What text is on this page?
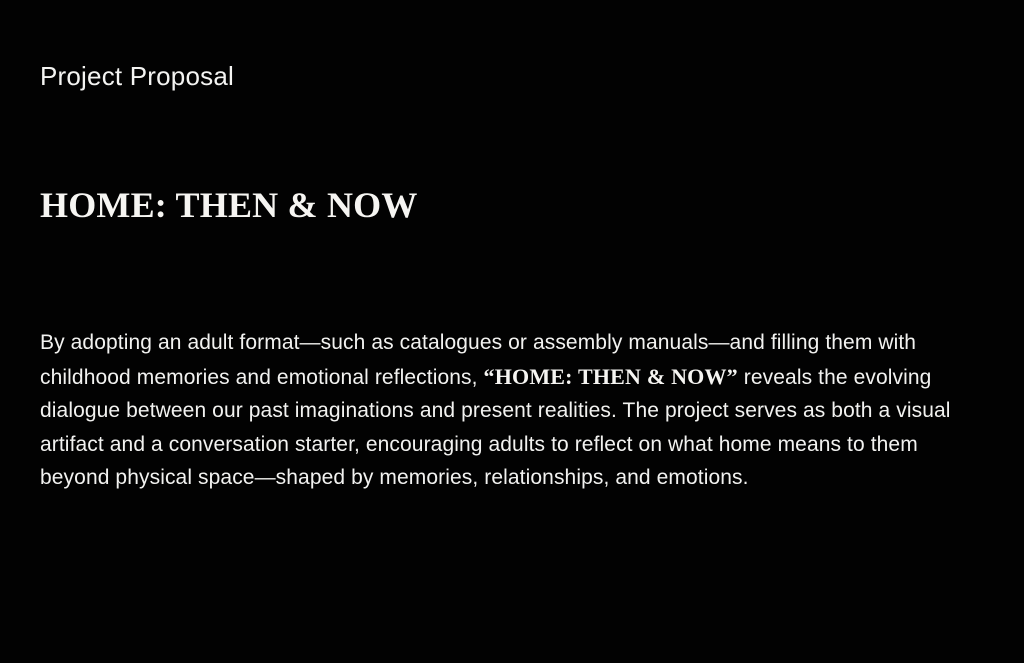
Project Proposal
HOME: THEN & NOW

By adopting an adult format—such as catalogues or assembly manuals—and filling them with childhood memories and emotional reflections, “HOME: THEN & NOW” reveals the evolving dialogue between our past imaginations and present realities. The project serves as both a visual artifact and a conversation starter, encouraging adults to reflect on what home means to them beyond physical space—shaped by memories, relationships, and emotions.
